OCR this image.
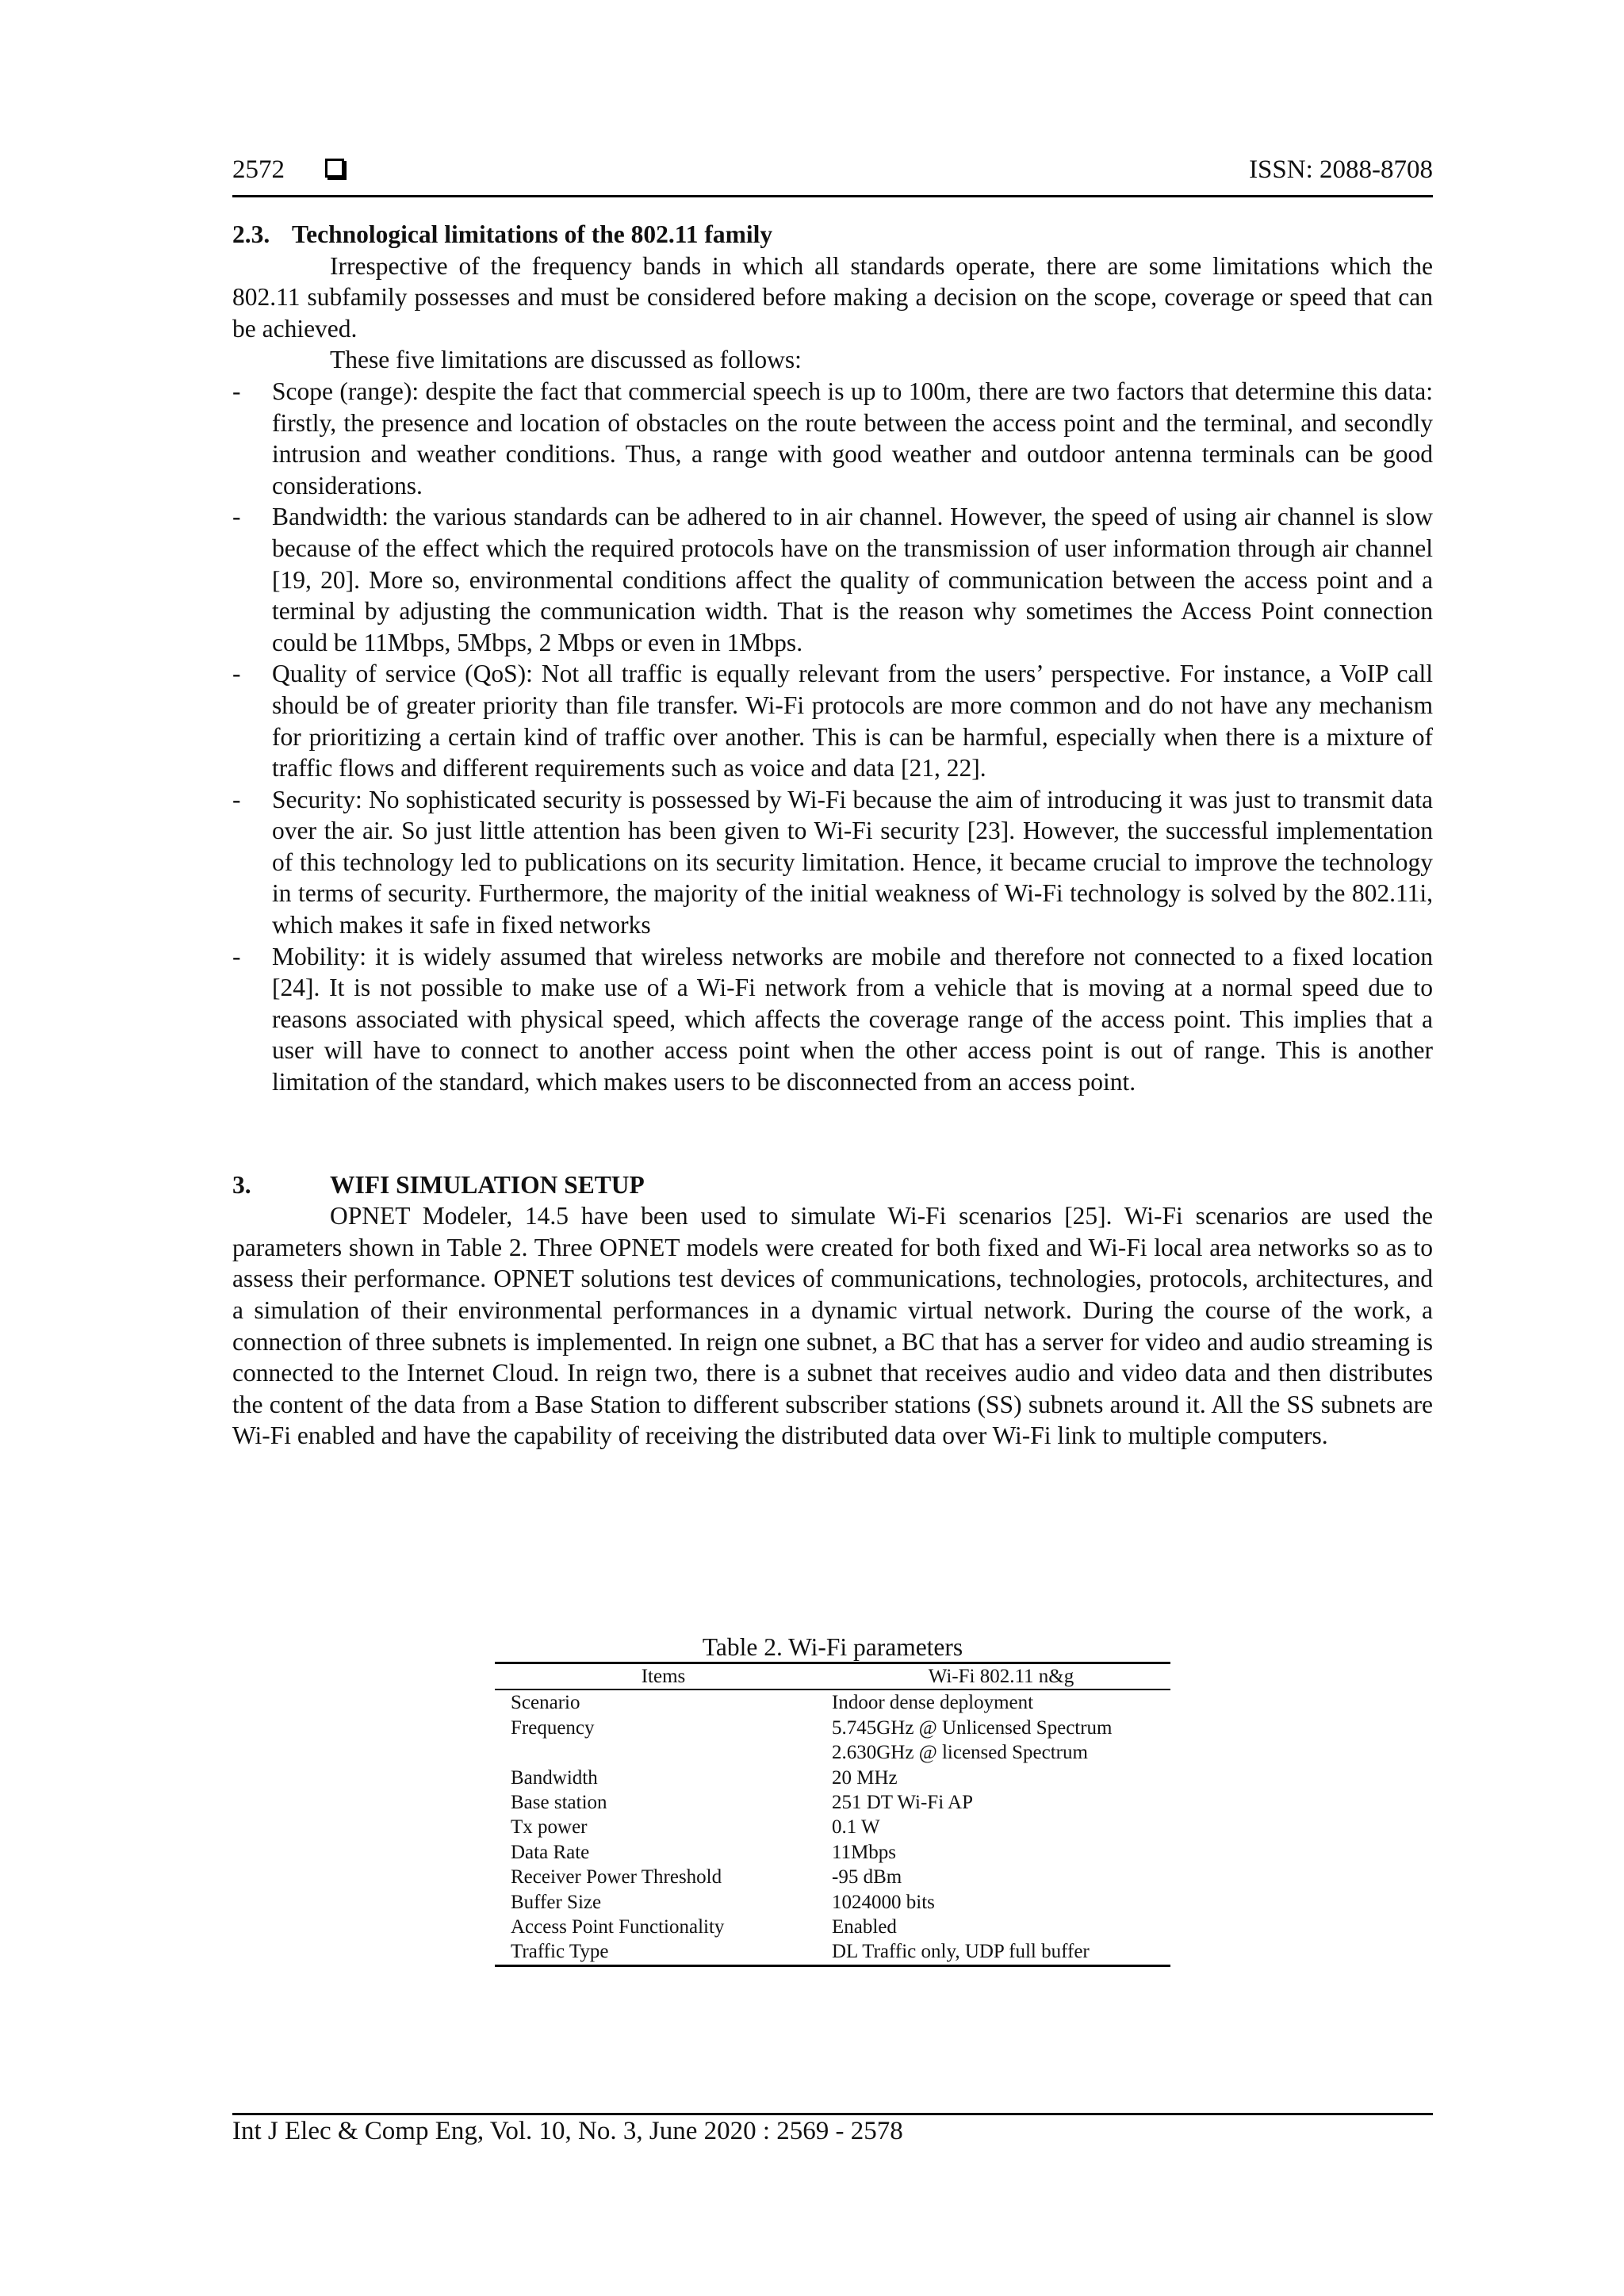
2572	ISSN: 2088-8708
2.3. Technological limitations of the 802.11 family

Irrespective of the frequency bands in which all standards operate, there are some limitations which the 802.11 subfamily possesses and must be considered before making a decision on the scope, coverage or speed that can be achieved.

These five limitations are discussed as follows:

- Scope (range): despite the fact that commercial speech is up to 100m, there are two factors that determine this data: firstly, the presence and location of obstacles on the route between the access point and the terminal, and secondly intrusion and weather conditions. Thus, a range with good weather and outdoor antenna terminals can be good considerations.
- Bandwidth: the various standards can be adhered to in air channel. However, the speed of using air channel is slow because of the effect which the required protocols have on the transmission of user information through air channel [19, 20]. More so, environmental conditions affect the quality of communication between the access point and a terminal by adjusting the communication width. That is the reason why sometimes the Access Point connection could be 11Mbps, 5Mbps, 2 Mbps or even in 1Mbps.
- Quality of service (QoS): Not all traffic is equally relevant from the users’ perspective. For instance, a VoIP call should be of greater priority than file transfer. Wi-Fi protocols are more common and do not have any mechanism for prioritizing a certain kind of traffic over another. This is can be harmful, especially when there is a mixture of traffic flows and different requirements such as voice and data [21, 22].
- Security: No sophisticated security is possessed by Wi-Fi because the aim of introducing it was just to transmit data over the air. So just little attention has been given to Wi-Fi security [23]. However, the successful implementation of this technology led to publications on its security limitation. Hence, it became crucial to improve the technology in terms of security. Furthermore, the majority of the initial weakness of Wi-Fi technology is solved by the 802.11i, which makes it safe in fixed networks
- Mobility: it is widely assumed that wireless networks are mobile and therefore not connected to a fixed location [24]. It is not possible to make use of a Wi-Fi network from a vehicle that is moving at a normal speed due to reasons associated with physical speed, which affects the coverage range of the access point. This implies that a user will have to connect to another access point when the other access point is out of range. This is another limitation of the standard, which makes users to be disconnected from an access point.
3.	WIFI SIMULATION SETUP

OPNET Modeler, 14.5 have been used to simulate Wi-Fi scenarios [25]. Wi-Fi scenarios are used the parameters shown in Table 2. Three OPNET models were created for both fixed and Wi-Fi local area networks so as to assess their performance. OPNET solutions test devices of communications, technologies, protocols, architectures, and a simulation of their environmental performances in a dynamic virtual network. During the course of the work, a connection of three subnets is implemented. In reign one subnet, a BC that has a server for video and audio streaming is connected to the Internet Cloud. In reign two, there is a subnet that receives audio and video data and then distributes the content of the data from a Base Station to different subscriber stations (SS) subnets around it. All the SS subnets are Wi-Fi enabled and have the capability of receiving the distributed data over Wi-Fi link to multiple computers.

Table 2. Wi-Fi parameters
Items	Wi-Fi 802.11 n&g
Scenario	Indoor dense deployment
Frequency	5.745GHz @ Unlicensed Spectrum
	2.630GHz @ licensed Spectrum
Bandwidth	20 MHz
Base station	251 DT Wi-Fi AP
Tx power	0.1 W
Data Rate	11Mbps
Receiver Power Threshold	-95 dBm
Buffer Size	1024000 bits
Access Point Functionality	Enabled
Traffic Type	DL Traffic only, UDP full buffer
Int J Elec & Comp Eng, Vol. 10, No. 3, June 2020 : 2569 - 2578
